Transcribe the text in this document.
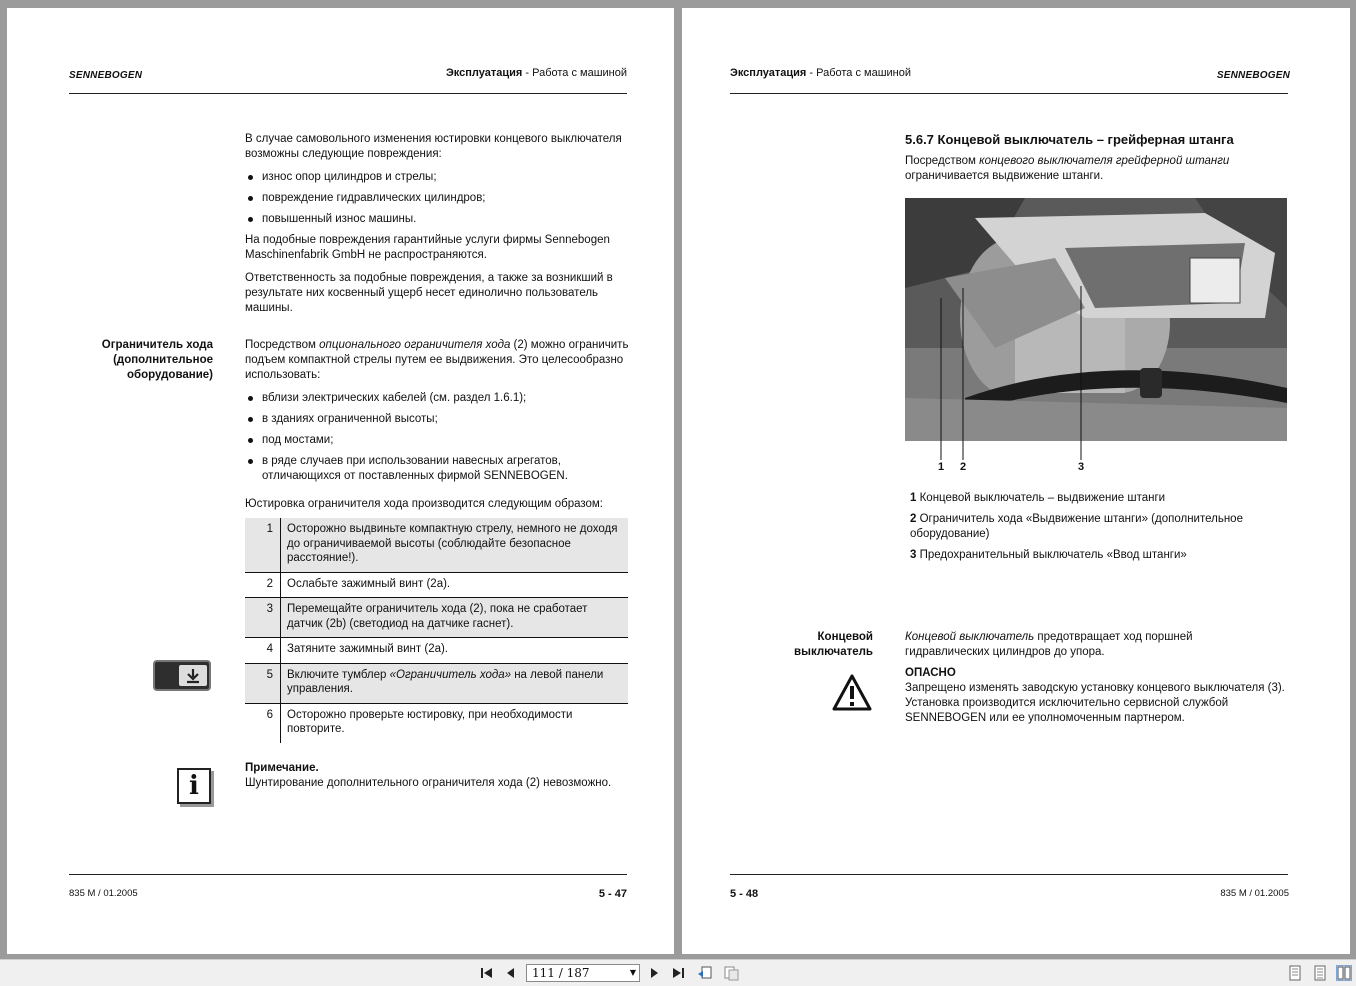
SENNEBOGEN	Эксплуатация - Работа с машиной

В случае самовольного изменения юстировки концевого выключателя возможны следующие повреждения:

износ опор цилиндров и стрелы;
повреждение гидравлических цилиндров;
повышенный износ машины.

На подобные повреждения гарантийные услуги фирмы Sennebogen Maschinenfabrik GmbH не распространяются.

Ответственность за подобные повреждения, а также за возникший в результате них косвенный ущерб несет единолично пользователь машины.

Ограничитель хода (дополнительное оборудование)

Посредством опционального ограничителя хода (2) можно ограничить подъем компактной стрелы путем ее выдвижения. Это целесообразно использовать:

вблизи электрических кабелей (см. раздел 1.6.1);
в зданиях ограниченной высоты;
под мостами;
в ряде случаев при использовании навесных агрегатов, отличающихся от поставленных фирмой SENNEBOGEN.
Юстировка ограничителя хода производится следующим образом:
1	Осторожно выдвиньте компактную стрелу, немного не доходя до ограничиваемой высоты (соблюдайте безопасное расстояние!).
2	Ослабьте зажимный винт (2a).
3	Перемещайте ограничитель хода (2), пока не сработает датчик (2b) (светодиод на датчике гаснет).
4	Затяните зажимный винт (2a).
5	Включите тумблер «Ограничитель хода» на левой панели управления.
6	Осторожно проверьте юстировку, при необходимости повторите.
i
Примечание.
Шунтирование дополнительного ограничителя хода (2) невозможно.
835 M / 01.2005	5 - 47
Эксплуатация - Работа с машиной	SENNEBOGEN
5.6.7 Концевой выключатель – грейферная штанга
Посредством концевого выключателя грейферной штанги ограничивается выдвижение штанги.
1 2	3
1 Концевой выключатель – выдвижение штанги
2 Ограничитель хода «Выдвижение штанги» (дополнительное оборудование)
3 Предохранительный выключатель «Ввод штанги»
Концевой выключатель
Концевой выключатель предотвращает ход поршней гидравлических цилиндров до упора.
ОПАСНО
Запрещено изменять заводскую установку концевого выключателя (3).
Установка производится исключительно сервисной службой SENNEBOGEN или ее уполномоченным партнером.
5 - 48	835 M / 01.2005
111 / 187	▼
